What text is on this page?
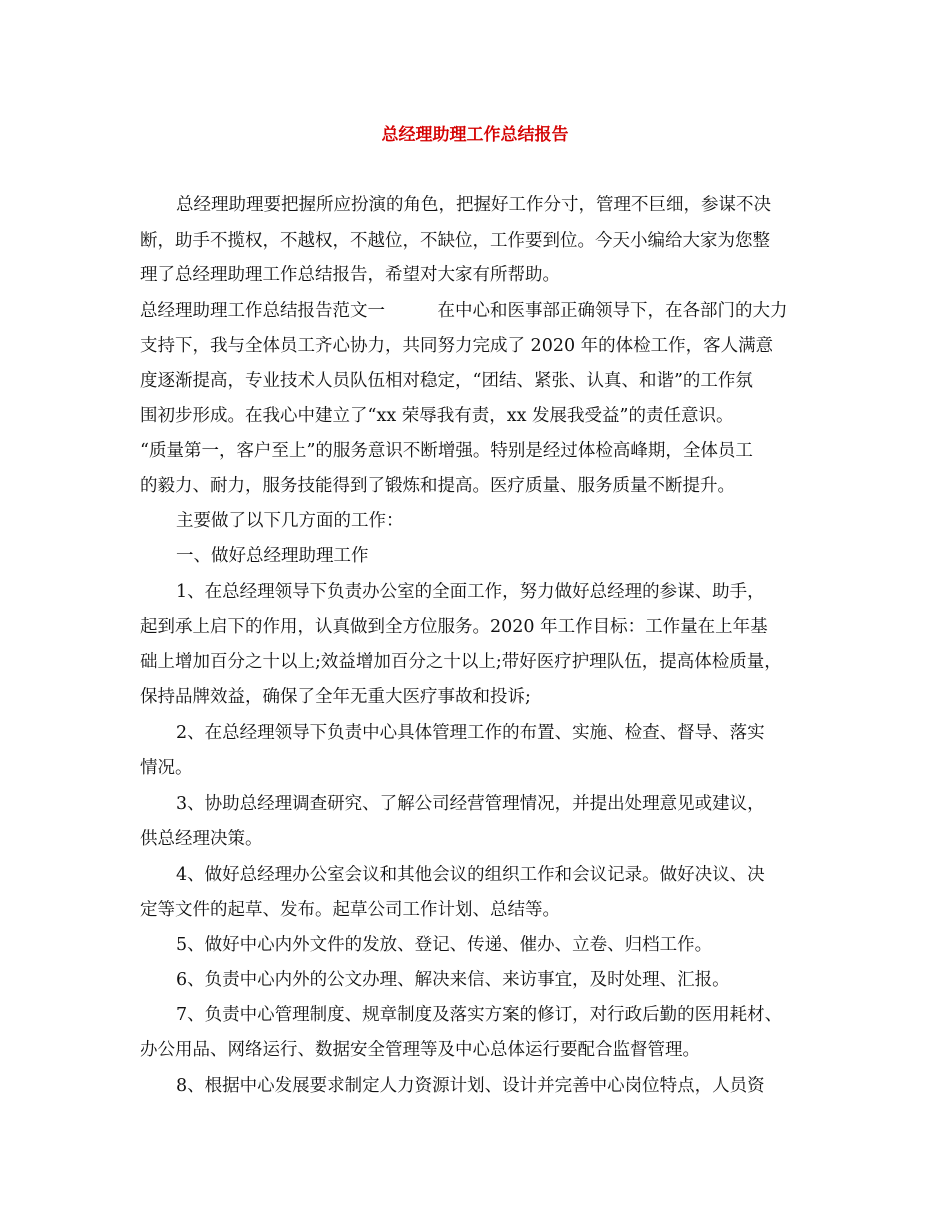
总经理助理工作总结报告
总经理助理要把握所应扮演的角色，把握好工作分寸，管理不巨细，参谋不决
断，助手不揽权，不越权，不越位，不缺位，工作要到位。今天小编给大家为您整
理了总经理助理工作总结报告，希望对大家有所帮助。
总经理助理工作总结报告范文一　　　在中心和医事部正确领导下，在各部门的大力
支持下，我与全体员工齐心协力，共同努力完成了 2020 年的体检工作，客人满意
度逐渐提高，专业技术人员队伍相对稳定，“团结、紧张、认真、和谐”的工作氛
围初步形成。在我心中建立了“xx 荣辱我有责，xx 发展我受益”的责任意识。
“质量第一，客户至上”的服务意识不断增强。特别是经过体检高峰期，全体员工
的毅力、耐力，服务技能得到了锻炼和提高。医疗质量、服务质量不断提升。
主要做了以下几方面的工作：
一、做好总经理助理工作
1、在总经理领导下负责办公室的全面工作，努力做好总经理的参谋、助手，
起到承上启下的作用，认真做到全方位服务。2020 年工作目标：工作量在上年基
础上增加百分之十以上;效益增加百分之十以上;带好医疗护理队伍，提高体检质量，
保持品牌效益，确保了全年无重大医疗事故和投诉;
2、在总经理领导下负责中心具体管理工作的布置、实施、检查、督导、落实
情况。
3、协助总经理调查研究、了解公司经营管理情况，并提出处理意见或建议，
供总经理决策。
4、做好总经理办公室会议和其他会议的组织工作和会议记录。做好决议、决
定等文件的起草、发布。起草公司工作计划、总结等。
5、做好中心内外文件的发放、登记、传递、催办、立卷、归档工作。
6、负责中心内外的公文办理、解决来信、来访事宜，及时处理、汇报。
7、负责中心管理制度、规章制度及落实方案的修订，对行政后勤的医用耗材、
办公用品、网络运行、数据安全管理等及中心总体运行要配合监督管理。
8、根据中心发展要求制定人力资源计划、设计并完善中心岗位特点，人员资
